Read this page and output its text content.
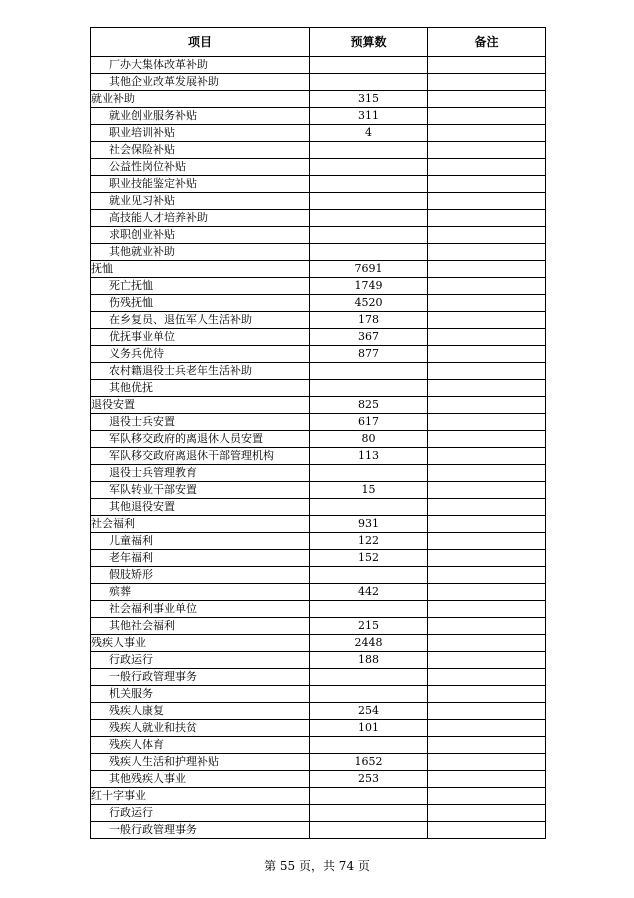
项目	预算数	备注
厂办大集体改革补助		
其他企业改革发展补助		
就业补助	315	
就业创业服务补贴	311	
职业培训补贴	4	
社会保险补贴		
公益性岗位补贴		
职业技能鉴定补贴		
就业见习补贴		
高技能人才培养补助		
求职创业补贴		
其他就业补助		
抚恤	7691	
死亡抚恤	1749	
伤残抚恤	4520	
在乡复员、退伍军人生活补助	178	
优抚事业单位	367	
义务兵优待	877	
农村籍退役士兵老年生活补助		
其他优抚		
退役安置	825	
退役士兵安置	617	
军队移交政府的离退休人员安置	80	
军队移交政府离退休干部管理机构	113	
退役士兵管理教育		
军队转业干部安置	15	
其他退役安置		
社会福利	931	
儿童福利	122	
老年福利	152	
假肢矫形		
殡葬	442	
社会福利事业单位		
其他社会福利	215	
残疾人事业	2448	
行政运行	188	
一般行政管理事务		
机关服务		
残疾人康复	254	
残疾人就业和扶贫	101	
残疾人体育		
残疾人生活和护理补贴	1652	
其他残疾人事业	253	
红十字事业		
行政运行		
一般行政管理事务		
第 55 页，共 74 页
